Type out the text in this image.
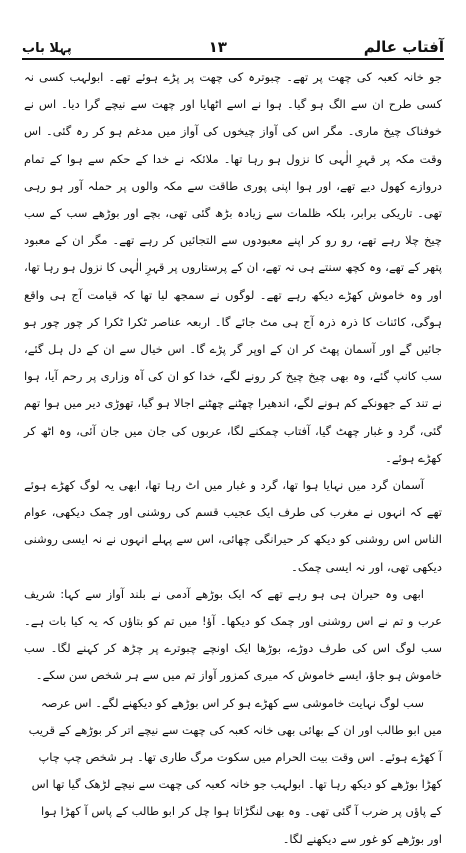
پہلا باب	۱۳	آفتاب عالم

جو خانہ کعبہ کی چھت پر تھے۔ چبوترہ کی چھت پر پڑے ہوئے تھے۔ ابولہب کسی نہ کسی طرح ان سے الگ ہو گیا۔ ہوا نے اسے اٹھایا اور چھت سے نیچے گرا دیا۔ اس نے خوفناک چیخ ماری۔ مگر اس کی آواز چیخوں کی آواز میں مدغم ہو کر رہ گئی۔ اس وقت مکہ پر قہرِ الٰہی کا نزول ہو رہا تھا۔ ملائکہ نے خدا کے حکم سے ہوا کے تمام دروازے کھول دیے تھے، اور ہوا اپنی پوری طاقت سے مکہ والوں پر حملہ آور ہو رہی تھی۔ تاریکی برابر، بلکہ ظلمات سے زیادہ بڑھ گئی تھی، بچے اور بوڑھے سب کے سب چیخ چلا رہے تھے، رو رو کر اپنے معبودوں سے التجائیں کر رہے تھے۔ مگر ان کے معبود پتھر کے تھے، وہ کچھ سنتے ہی نہ تھے، ان کے پرستاروں پر قہرِ الٰہی کا نزول ہو رہا تھا، اور وہ خاموش کھڑے دیکھ رہے تھے۔ لوگوں نے سمجھ لیا تھا کہ قیامت آج ہی واقع ہوگی، کائنات کا ذرہ ذرہ آج ہی مٹ جائے گا۔ اربعہ عناصر ٹکرا ٹکرا کر چور چور ہو جائیں گے اور آسمان پھٹ کر ان کے اوپر گر پڑے گا۔ اس خیال سے ان کے دل ہل گئے، سب کانپ گئے، وہ بھی چیخ چیخ کر رونے لگے، خدا کو ان کی آہ وزاری پر رحم آیا، ہوا نے تند کے جھونکے کم ہونے لگے، اندھیرا چھٹنے چھٹنے اجالا ہو گیا، تھوڑی دیر میں ہوا تھم گئی، گرد و غبار چھٹ گیا، آفتاب چمکنے لگا، عربوں کی جان میں جان آئی، وہ اٹھ کر کھڑے ہوئے۔

آسمان گرد میں نہایا ہوا تھا، گرد و غبار میں اٹ رہا تھا، ابھی یہ لوگ کھڑے ہوئے تھے کہ انہوں نے مغرب کی طرف ایک عجیب قسم کی روشنی اور چمک دیکھی، عوام الناس اس روشنی کو دیکھ کر حیرانگی چھائی، اس سے پہلے انہوں نے نہ ایسی روشنی دیکھی تھی، اور نہ ایسی چمک۔

ابھی وہ حیران ہی ہو رہے تھے کہ ایک بوڑھے آدمی نے بلند آواز سے کہا: شریف عرب و تم نے اس روشنی اور چمک کو دیکھا۔ آؤ! میں تم کو بتاؤں کہ یہ کیا بات ہے۔ سب لوگ اس کی طرف دوڑے، بوڑھا ایک اونچے چبوترے پر چڑھ کر کہنے لگا۔ سب خاموش ہو جاؤ، ایسے خاموش کہ میری کمزور آواز تم میں سے ہر شخص سن سکے۔

سب لوگ نہایت خاموشی سے کھڑے ہو کر اس بوڑھے کو دیکھنے لگے۔ اس عرصہ میں ابو طالب اور ان کے بھائی بھی خانہ کعبہ کی چھت سے نیچے اتر کر بوڑھے کے قریب آ کھڑے ہوئے۔ اس وقت بیت الحرام میں سکوت مرگ طاری تھا۔ ہر شخص چپ چاپ کھڑا بوڑھے کو دیکھ رہا تھا۔ ابولہب جو خانہ کعبہ کی چھت سے نیچے لڑھک گیا تھا اس کے پاؤں پر ضرب آ گئی تھی۔ وہ بھی لنگڑاتا ہوا چل کر ابو طالب کے پاس آ کھڑا ہوا اور بوڑھے کو غور سے دیکھنے لگا۔
